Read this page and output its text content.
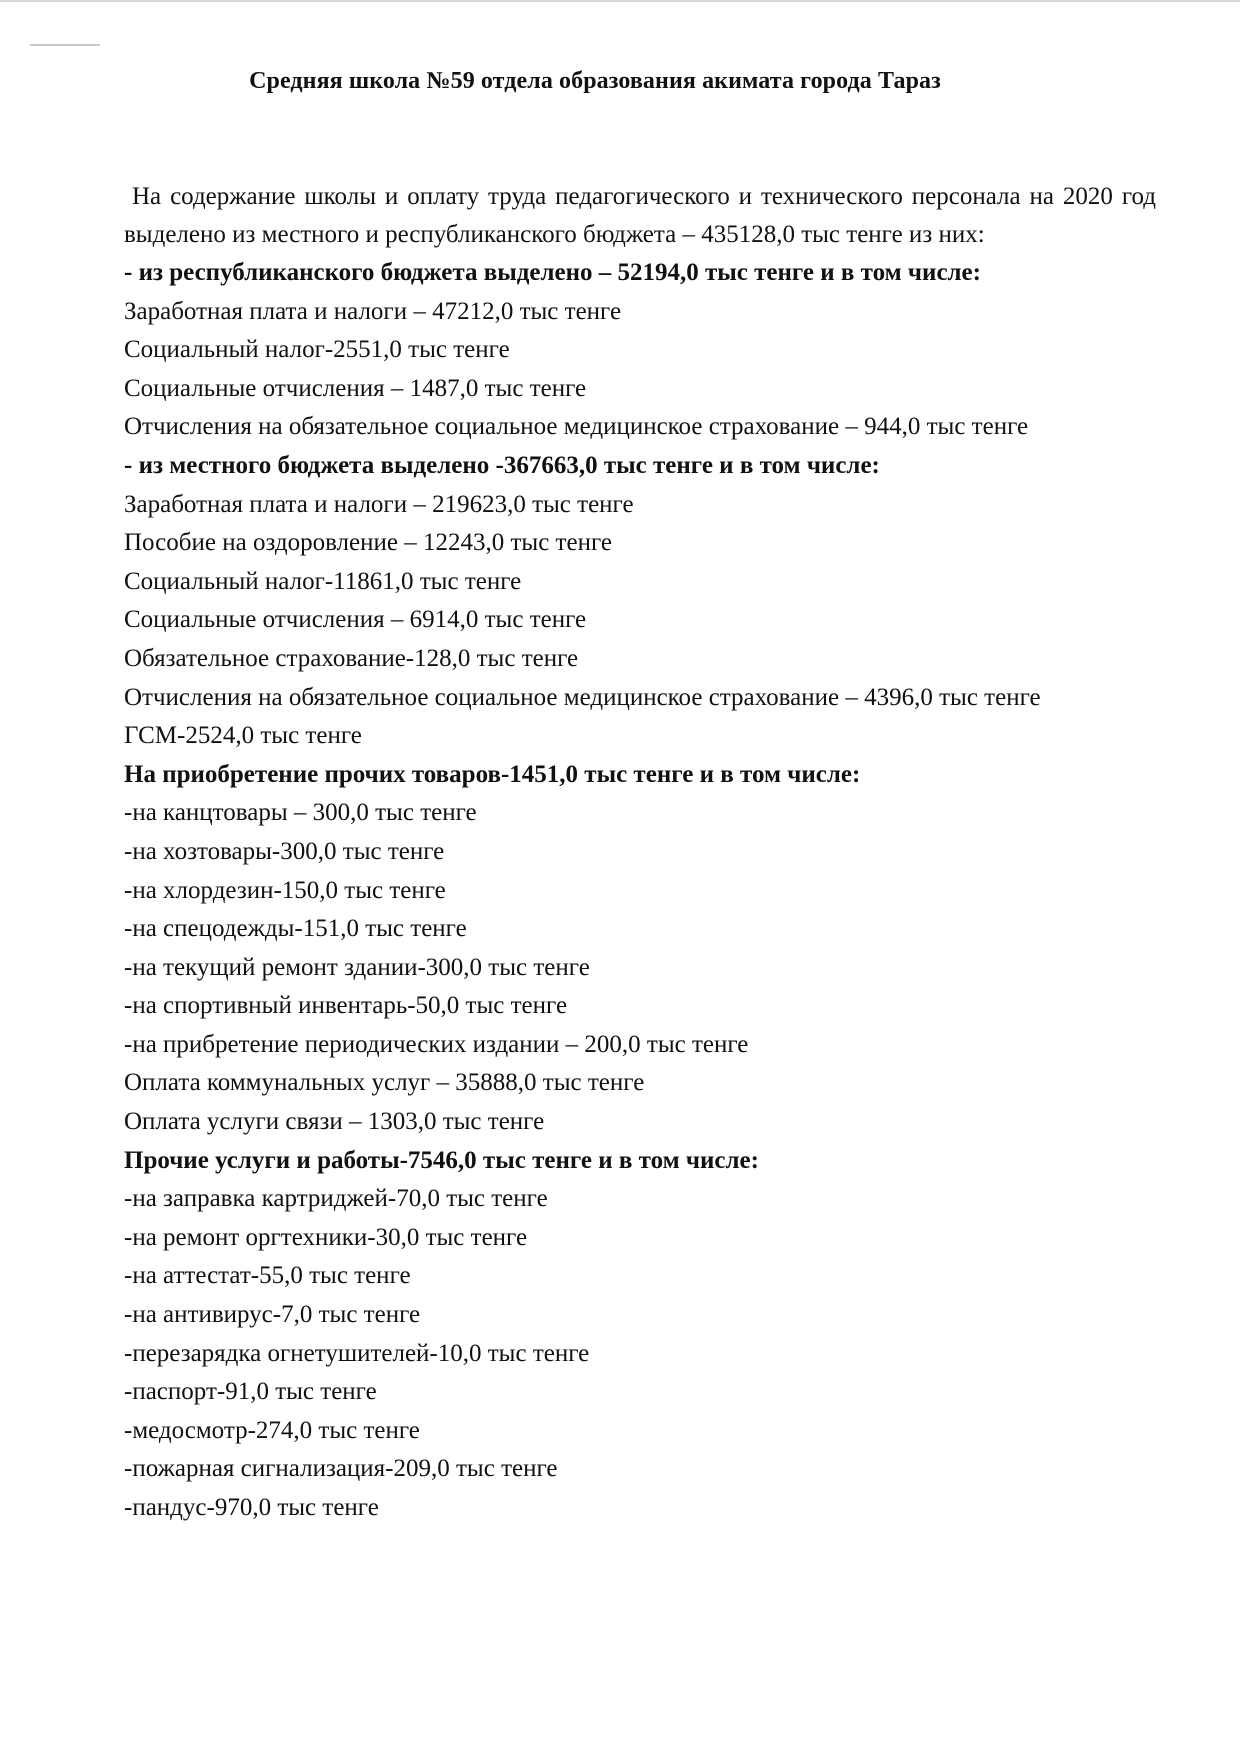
Средняя школа №59 отдела образования акимата города Тараз

На содержание школы и оплату труда педагогического и технического персонала на 2020 год выделено из местного и республиканского бюджета – 435128,0 тыс тенге из них:

- из республиканского бюджета выделено – 52194,0 тыс тенге и в том числе:

Заработная плата и налоги – 47212,0 тыс тенге

Социальный налог-2551,0 тыс тенге

Социальные отчисления – 1487,0 тыс тенге

Отчисления на обязательное социальное медицинское страхование – 944,0 тыс тенге

- из местного бюджета выделено -367663,0 тыс тенге и в том числе:

Заработная плата и налоги – 219623,0 тыс тенге

Пособие на оздоровление – 12243,0 тыс тенге

Социальный налог-11861,0 тыс тенге

Социальные отчисления – 6914,0 тыс тенге

Обязательное страхование-128,0 тыс тенге

Отчисления на обязательное социальное медицинское страхование – 4396,0 тыс тенге

ГСМ-2524,0 тыс тенге

На приобретение прочих товаров-1451,0 тыс тенге и в том числе:

-на канцтовары – 300,0 тыс тенге

-на хозтовары-300,0 тыс тенге

-на хлордезин-150,0 тыс тенге

-на спецодежды-151,0 тыс тенге

-на текущий ремонт здании-300,0 тыс тенге

-на спортивный инвентарь-50,0 тыс тенге

-на прибретение периодических издании – 200,0 тыс тенге

Оплата коммунальных услуг – 35888,0 тыс тенге

Оплата услуги связи – 1303,0 тыс тенге

Прочие услуги и работы-7546,0 тыс тенге и в том числе:

-на заправка картриджей-70,0 тыс тенге

-на ремонт оргтехники-30,0 тыс тенге

-на аттестат-55,0 тыс тенге

-на антивирус-7,0 тыс тенге

-перезарядка огнетушителей-10,0 тыс тенге

-паспорт-91,0 тыс тенге

-медосмотр-274,0 тыс тенге

-пожарная сигнализация-209,0 тыс тенге

-пандус-970,0 тыс тенге
